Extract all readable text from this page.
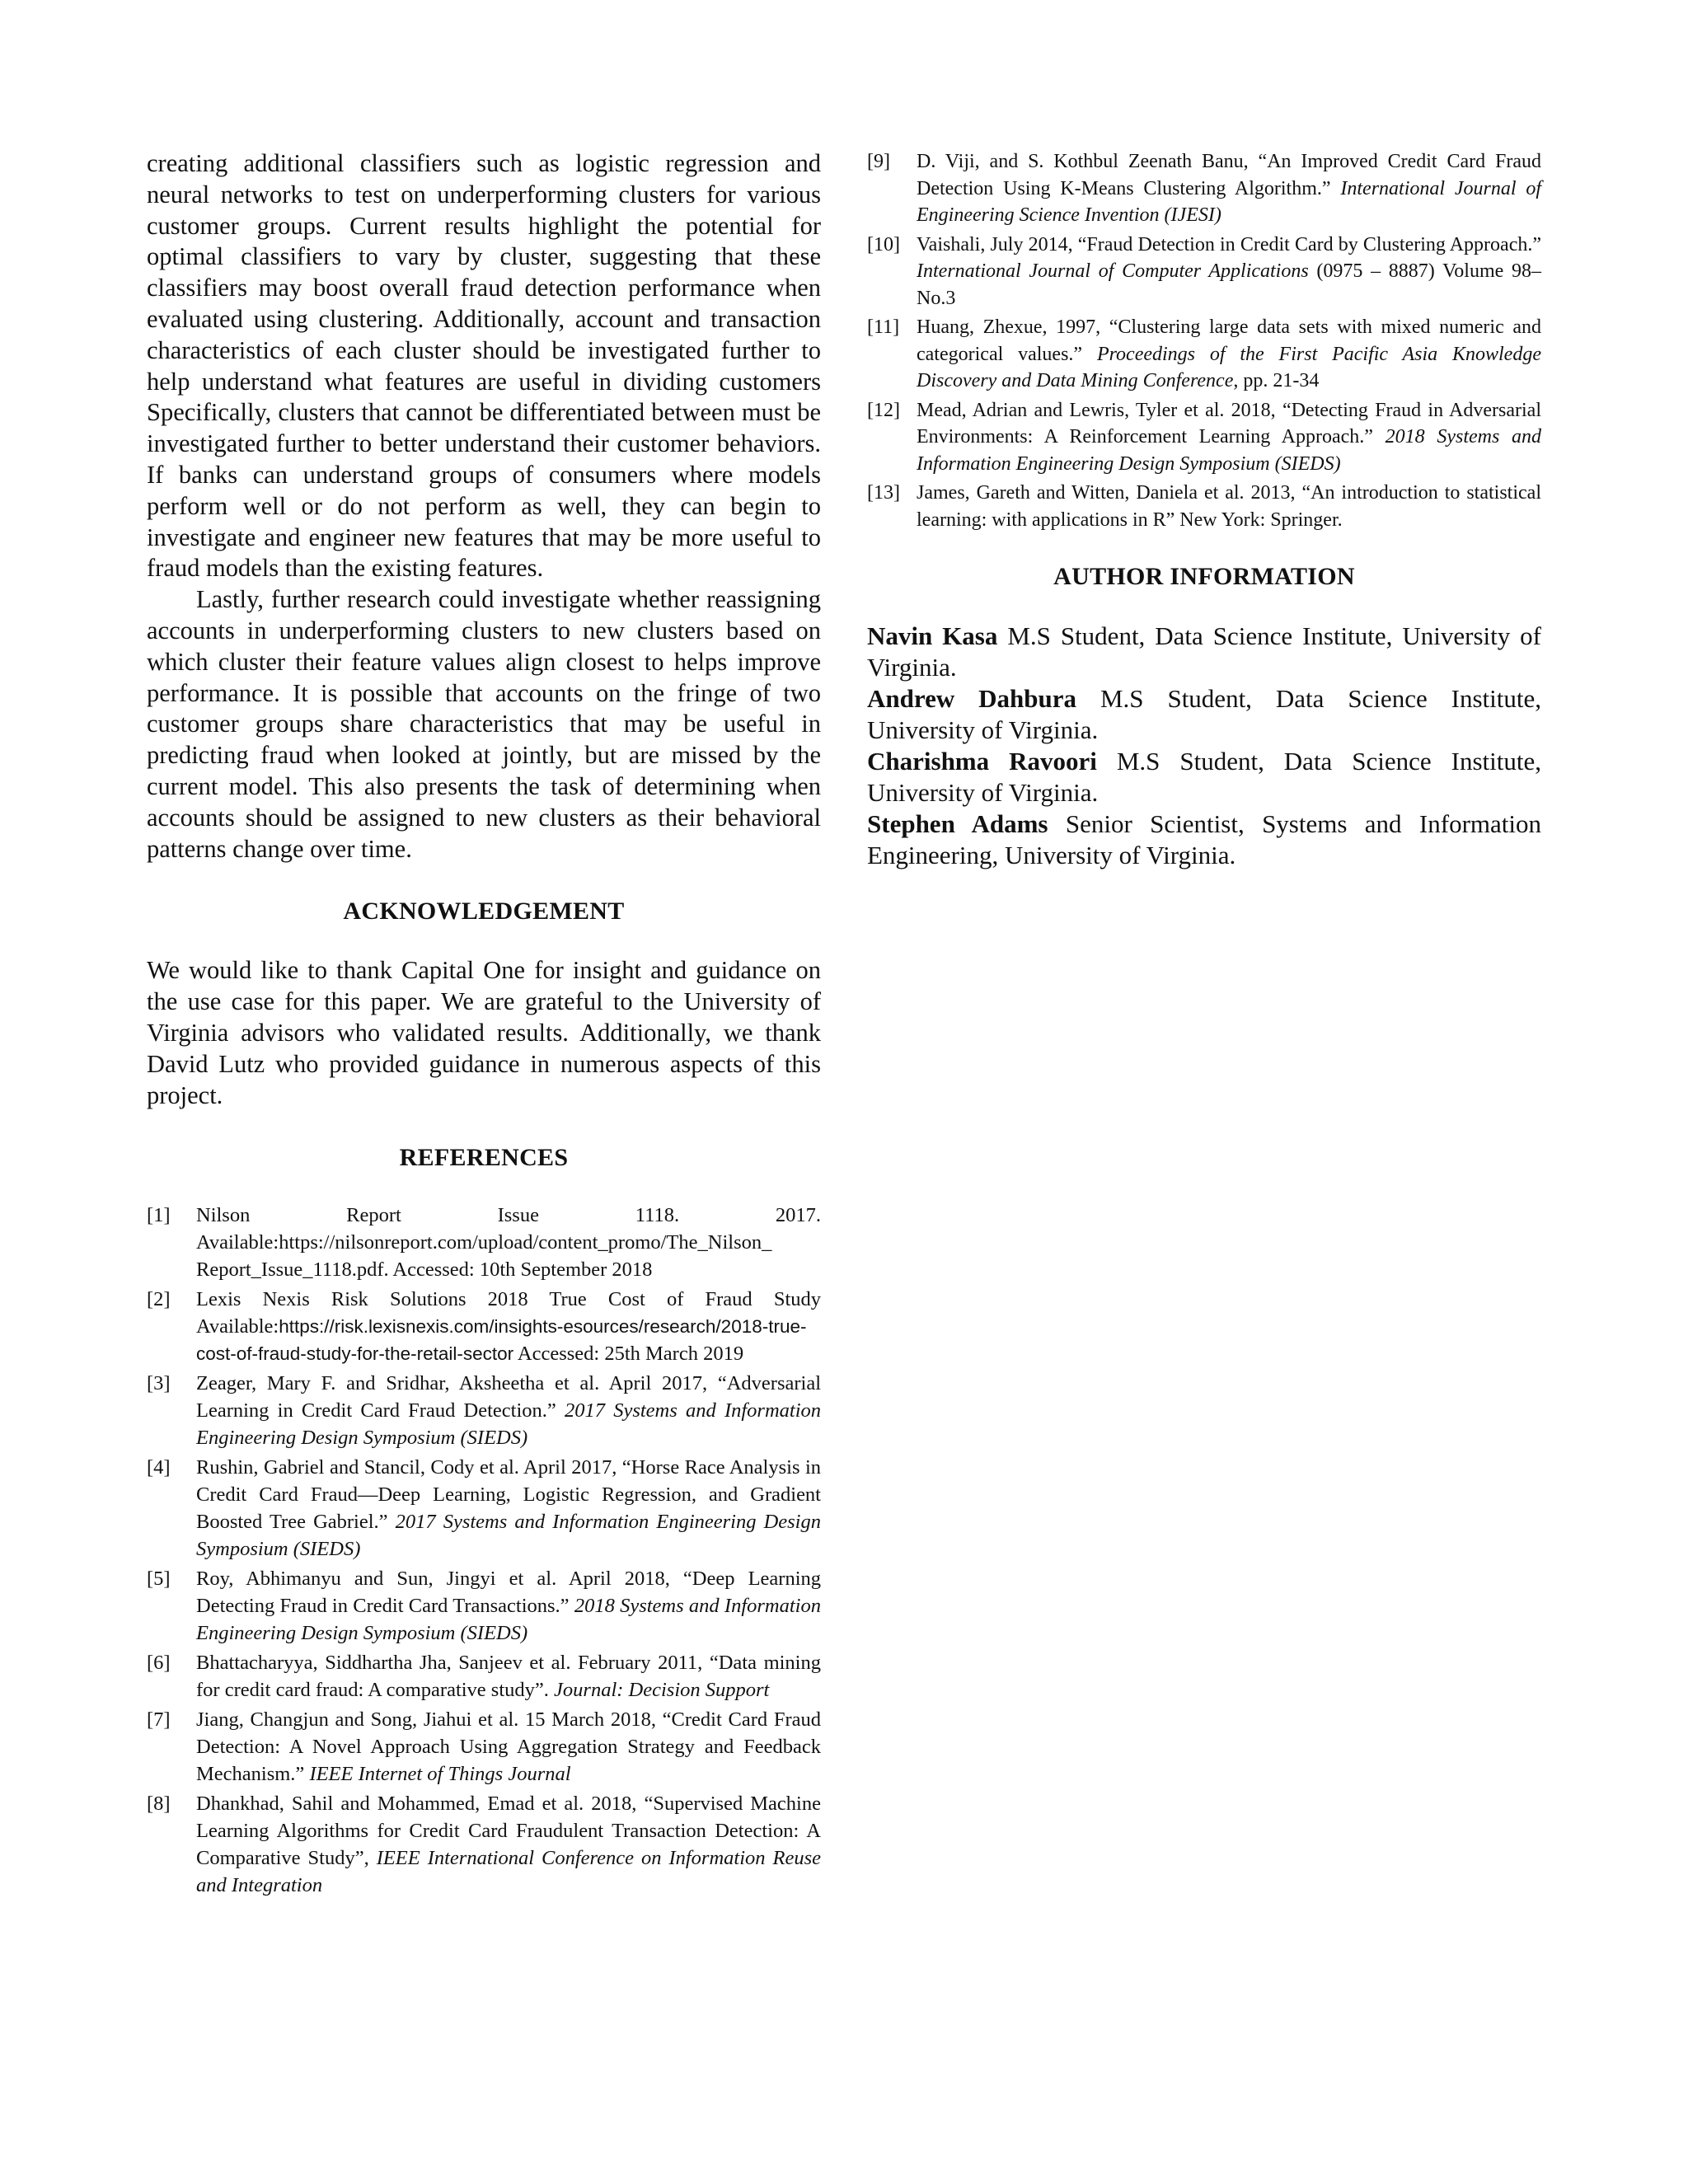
creating additional classifiers such as logistic regression and neural networks to test on underperforming clusters for various customer groups. Current results highlight the potential for optimal classifiers to vary by cluster, suggesting that these classifiers may boost overall fraud detection performance when evaluated using clustering. Additionally, account and transaction characteristics of each cluster should be investigated further to help understand what features are useful in dividing customers Specifically, clusters that cannot be differentiated between must be investigated further to better understand their customer behaviors. If banks can understand groups of consumers where models perform well or do not perform as well, they can begin to investigate and engineer new features that may be more useful to fraud models than the existing features.

Lastly, further research could investigate whether reassigning accounts in underperforming clusters to new clusters based on which cluster their feature values align closest to helps improve performance. It is possible that accounts on the fringe of two customer groups share characteristics that may be useful in predicting fraud when looked at jointly, but are missed by the current model. This also presents the task of determining when accounts should be assigned to new clusters as their behavioral patterns change over time.

ACKNOWLEDGEMENT

We would like to thank Capital One for insight and guidance on the use case for this paper. We are grateful to the University of Virginia advisors who validated results. Additionally, we thank David Lutz who provided guidance in numerous aspects of this project.

REFERENCES
[1] Nilson Report Issue 1118. 2017. Available:https://nilsonreport.com/upload/content_promo/The_Nilson_ Report_Issue_1118.pdf. Accessed: 10th September 2018
[2] Lexis Nexis Risk Solutions 2018 True Cost of Fraud Study Available:https://risk.lexisnexis.com/insights-esources/research/2018-true-cost-of-fraud-study-for-the-retail-sector Accessed: 25th March 2019
[3] Zeager, Mary F. and Sridhar, Aksheetha et al. April 2017, “Adversarial Learning in Credit Card Fraud Detection.” 2017 Systems and Information Engineering Design Symposium (SIEDS)
[4] Rushin, Gabriel and Stancil, Cody et al. April 2017, “Horse Race Analysis in Credit Card Fraud—Deep Learning, Logistic Regression, and Gradient Boosted Tree Gabriel.” 2017 Systems and Information Engineering Design Symposium (SIEDS)
[5] Roy, Abhimanyu and Sun, Jingyi et al. April 2018, “Deep Learning Detecting Fraud in Credit Card Transactions.” 2018 Systems and Information Engineering Design Symposium (SIEDS)
[6] Bhattacharyya, Siddhartha Jha, Sanjeev et al. February 2011, “Data mining for credit card fraud: A comparative study”. Journal: Decision Support
[7] Jiang, Changjun and Song, Jiahui et al. 15 March 2018, “Credit Card Fraud Detection: A Novel Approach Using Aggregation Strategy and Feedback Mechanism.” IEEE Internet of Things Journal
[8] Dhankhad, Sahil and Mohammed, Emad et al. 2018, “Supervised Machine Learning Algorithms for Credit Card Fraudulent Transaction Detection: A Comparative Study”, IEEE International Conference on Information Reuse and Integration
[9] D. Viji, and S. Kothbul Zeenath Banu, “An Improved Credit Card Fraud Detection Using K-Means Clustering Algorithm.” International Journal of Engineering Science Invention (IJESI)
[10] Vaishali, July 2014, “Fraud Detection in Credit Card by Clustering Approach.” International Journal of Computer Applications (0975 – 8887) Volume 98– No.3
[11] Huang, Zhexue, 1997, “Clustering large data sets with mixed numeric and categorical values.” Proceedings of the First Pacific Asia Knowledge Discovery and Data Mining Conference, pp. 21-34
[12] Mead, Adrian and Lewris, Tyler et al. 2018, “Detecting Fraud in Adversarial Environments: A Reinforcement Learning Approach.” 2018 Systems and Information Engineering Design Symposium (SIEDS)
[13] James, Gareth and Witten, Daniela et al. 2013, “An introduction to statistical learning: with applications in R” New York: Springer.
AUTHOR INFORMATION

Navin Kasa M.S Student, Data Science Institute, University of Virginia.

Andrew Dahbura M.S Student, Data Science Institute, University of Virginia.

Charishma Ravoori M.S Student, Data Science Institute, University of Virginia.

Stephen Adams Senior Scientist, Systems and Information Engineering, University of Virginia.
